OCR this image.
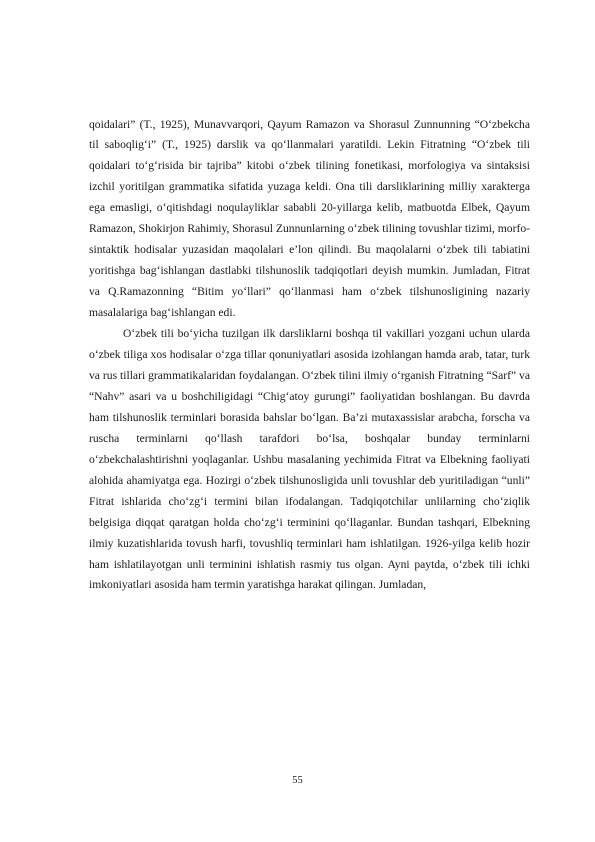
qoidalari” (T., 1925), Munavvarqori, Qayum Ramazon va Shorasul Zunnunning “O‘zbekcha til saboqlig‘i” (T., 1925) darslik va qo‘llanmalari yaratildi. Lekin Fitratning “O‘zbek tili qoidalari to‘g‘risida bir tajriba” kitobi o‘zbek tilining fonetikasi, morfologiya va sintaksisi izchil yoritilgan grammatika sifatida yuzaga keldi. Ona tili darsliklarining milliy xarakterga ega emasligi, o‘qitishdagi noqulayliklar sababli 20-yillarga kelib, matbuotda Elbek, Qayum Ramazon, Shokirjon Rahimiy, Shorasul Zunnunlarning o‘zbek tilining tovushlar tizimi, morfo-sintaktik hodisalar yuzasidan maqolalari e’lon qilindi. Bu maqolalarni o‘zbek tili tabiatini yoritishga bag‘ishlangan dastlabki tilshunoslik tadqiqotlari deyish mumkin. Jumladan, Fitrat va Q.Ramazonning “Bitim yo‘llari” qo‘llanmasi ham o‘zbek tilshunosligining nazariy masalalariga bag‘ishlangan edi.

O‘zbek tili bo‘yicha tuzilgan ilk darsliklarni boshqa til vakillari yozgani uchun ularda o‘zbek tiliga xos hodisalar o‘zga tillar qonuniyatlari asosida izohlangan hamda arab, tatar, turk va rus tillari grammatikalaridan foydalangan. O‘zbek tilini ilmiy o‘rganish Fitratning “Sarf” va “Nahv” asari va u boshchiligidagi “Chig‘atoy gurungi” faoliyatidan boshlangan. Bu davrda ham tilshunoslik terminlari borasida bahslar bo‘lgan. Ba’zi mutaxassislar arabcha, forscha va ruscha terminlarni qo‘llash tarafdori bo‘lsa, boshqalar bunday terminlarni o‘zbekchalashtirishni yoqlaganlar. Ushbu masalaning yechimida Fitrat va Elbekning faoliyati alohida ahamiyatga ega. Hozirgi o‘zbek tilshunosligida unli tovushlar deb yuritiladigan “unli” Fitrat ishlarida cho‘zg‘i termini bilan ifodalangan. Tadqiqotchilar unlilarning cho‘ziqlik belgisiga diqqat qaratgan holda cho‘zg‘i terminini qo‘llaganlar. Bundan tashqari, Elbekning ilmiy kuzatishlarida tovush harfi, tovushliq terminlari ham ishlatilgan. 1926-yilga kelib hozir ham ishlatilayotgan unli terminini ishlatish rasmiy tus olgan. Ayni paytda, o‘zbek tili ichki imkoniyatlari asosida ham termin yaratishga harakat qilingan. Jumladan,

55
